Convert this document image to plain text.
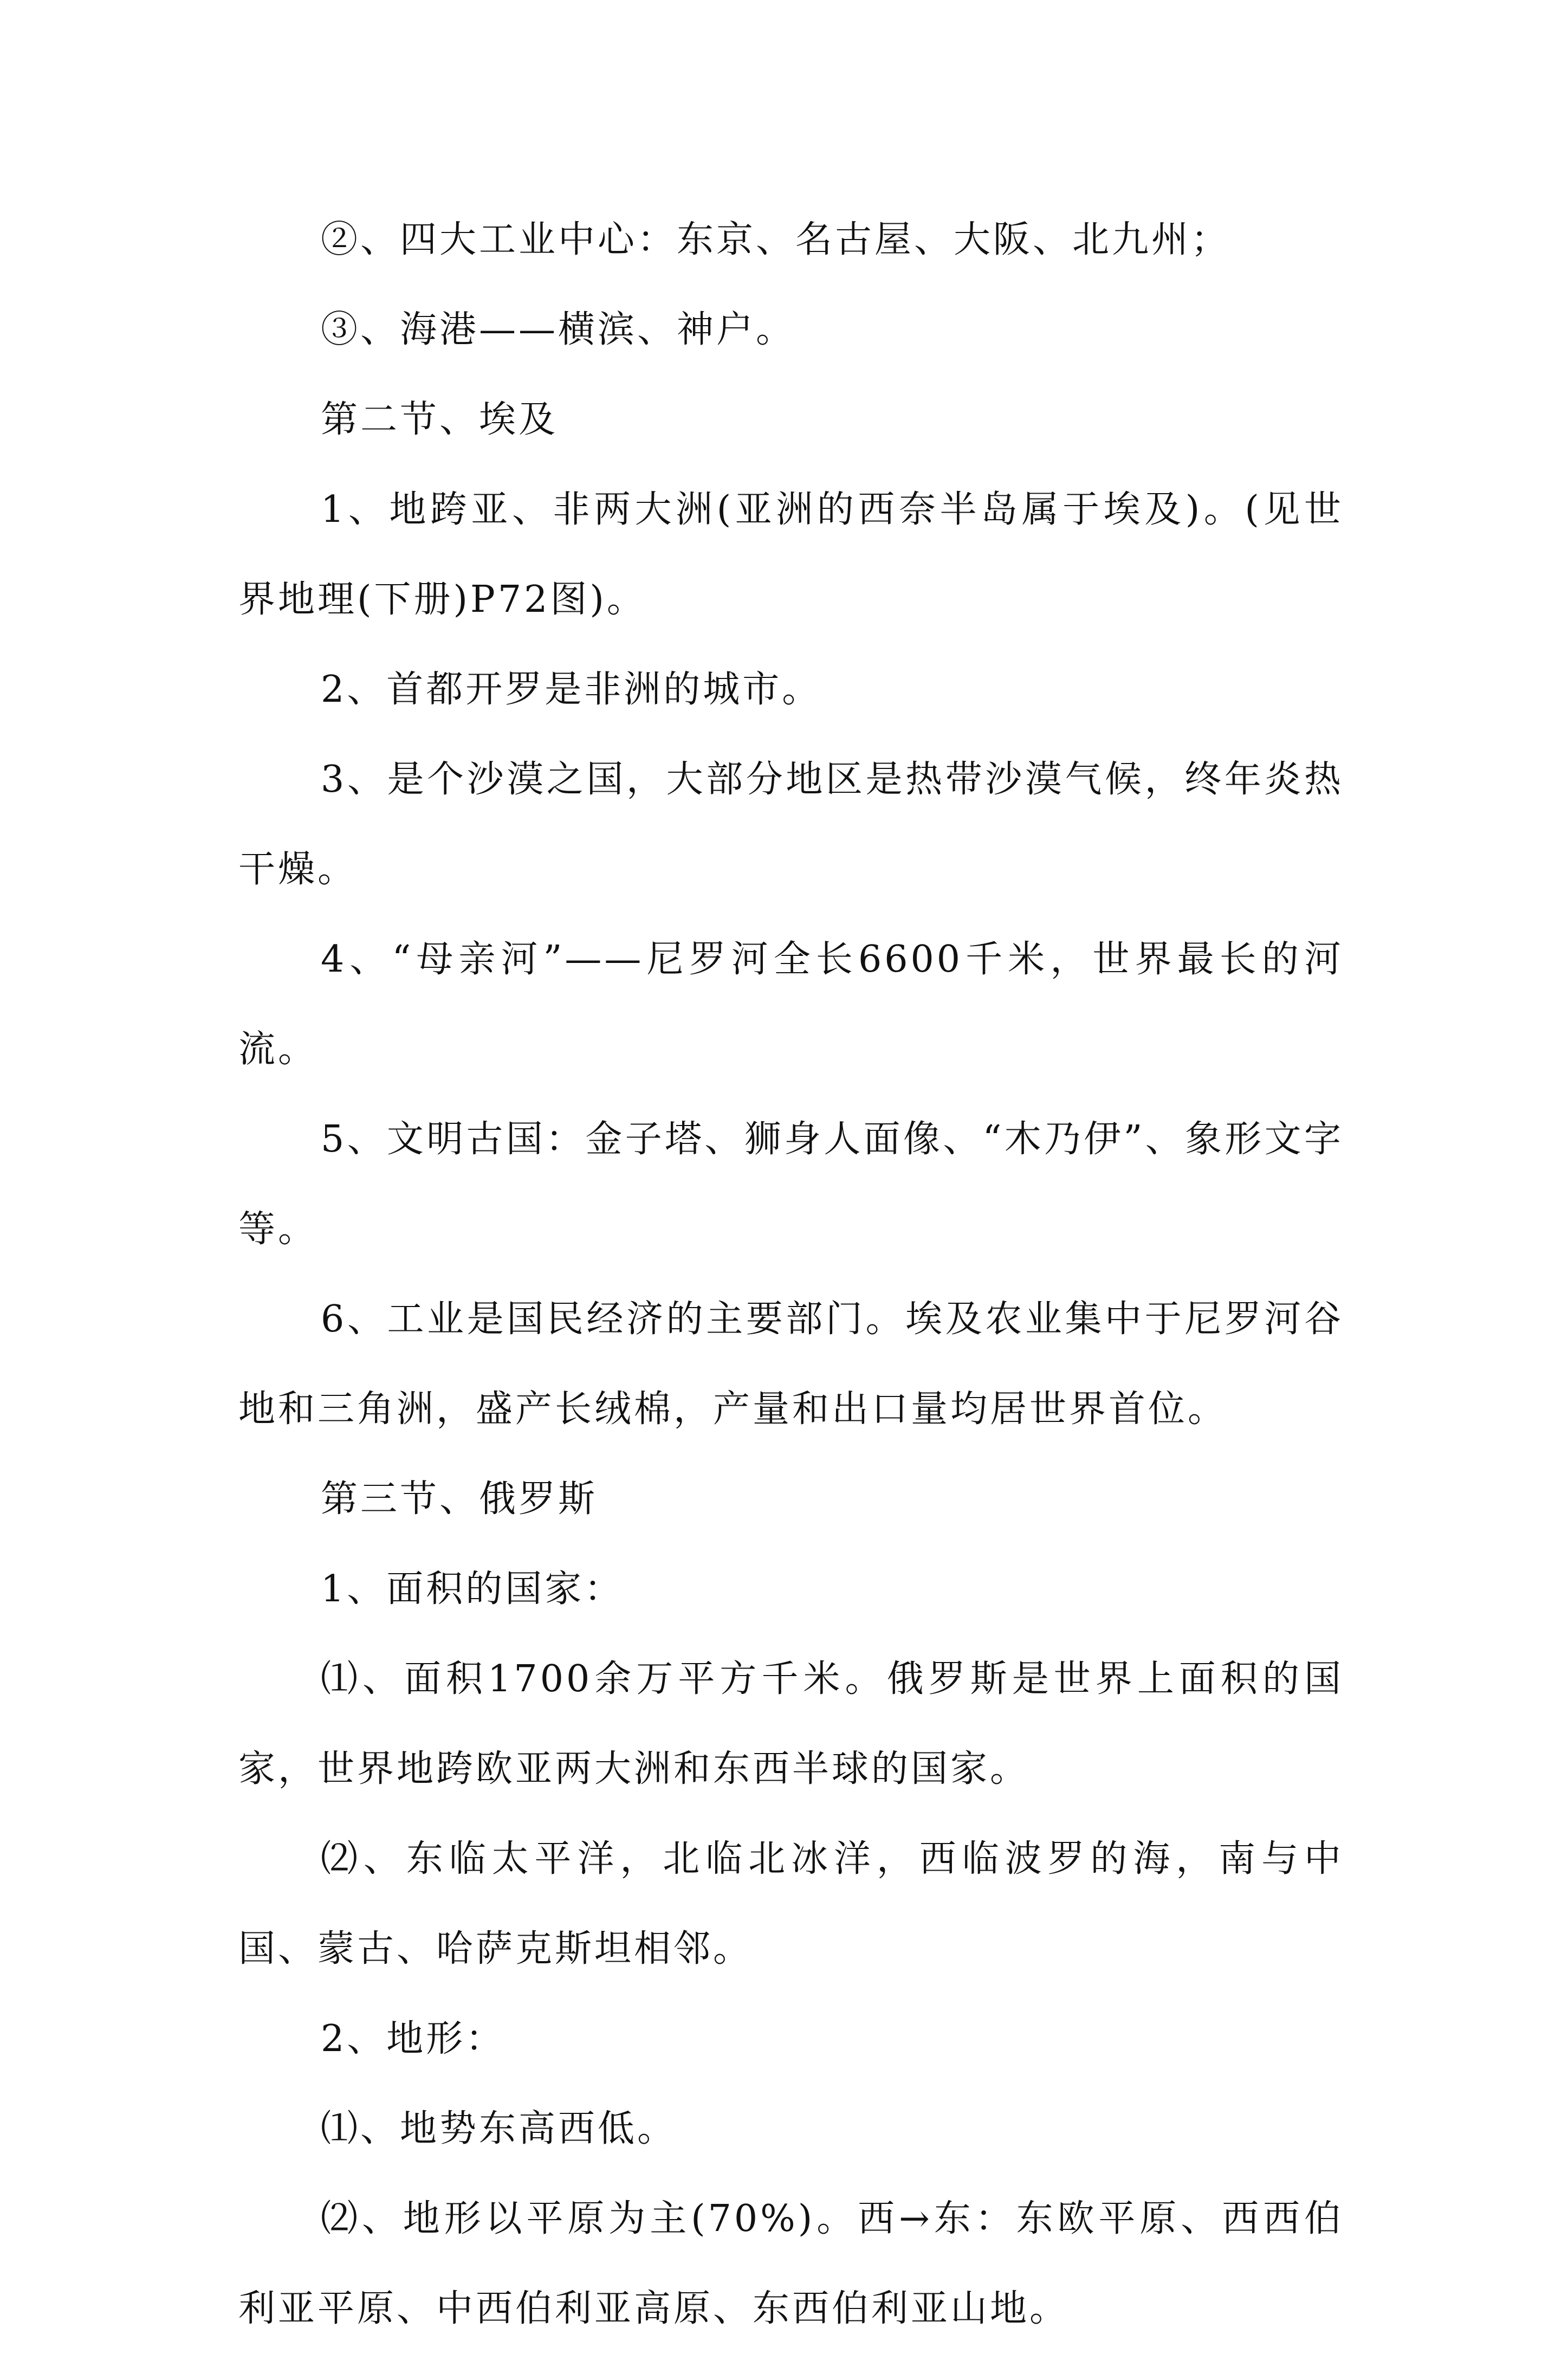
②、四大工业中心：东京、名古屋、大阪、北九州；

③、海港——横滨、神户。

第二节、埃及

1、地跨亚、非两大洲(亚洲的西奈半岛属于埃及)。(见世界地理(下册)P72图)。

2、首都开罗是非洲的城市。

3、是个沙漠之国，大部分地区是热带沙漠气候，终年炎热干燥。

4、“母亲河”——尼罗河全长6600千米，世界最长的河流。

5、文明古国：金子塔、狮身人面像、“木乃伊”、象形文字等。

6、工业是国民经济的主要部门。埃及农业集中于尼罗河谷地和三角洲，盛产长绒棉，产量和出口量均居世界首位。

第三节、俄罗斯

1、面积的国家：

⑴、面积1700余万平方千米。俄罗斯是世界上面积的国家，世界地跨欧亚两大洲和东西半球的国家。

⑵、东临太平洋，北临北冰洋，西临波罗的海，南与中国、蒙古、哈萨克斯坦相邻。

2、地形：

⑴、地势东高西低。

⑵、地形以平原为主(70%)。西→东：东欧平原、西西伯利亚平原、中西伯利亚高原、东西伯利亚山地。
